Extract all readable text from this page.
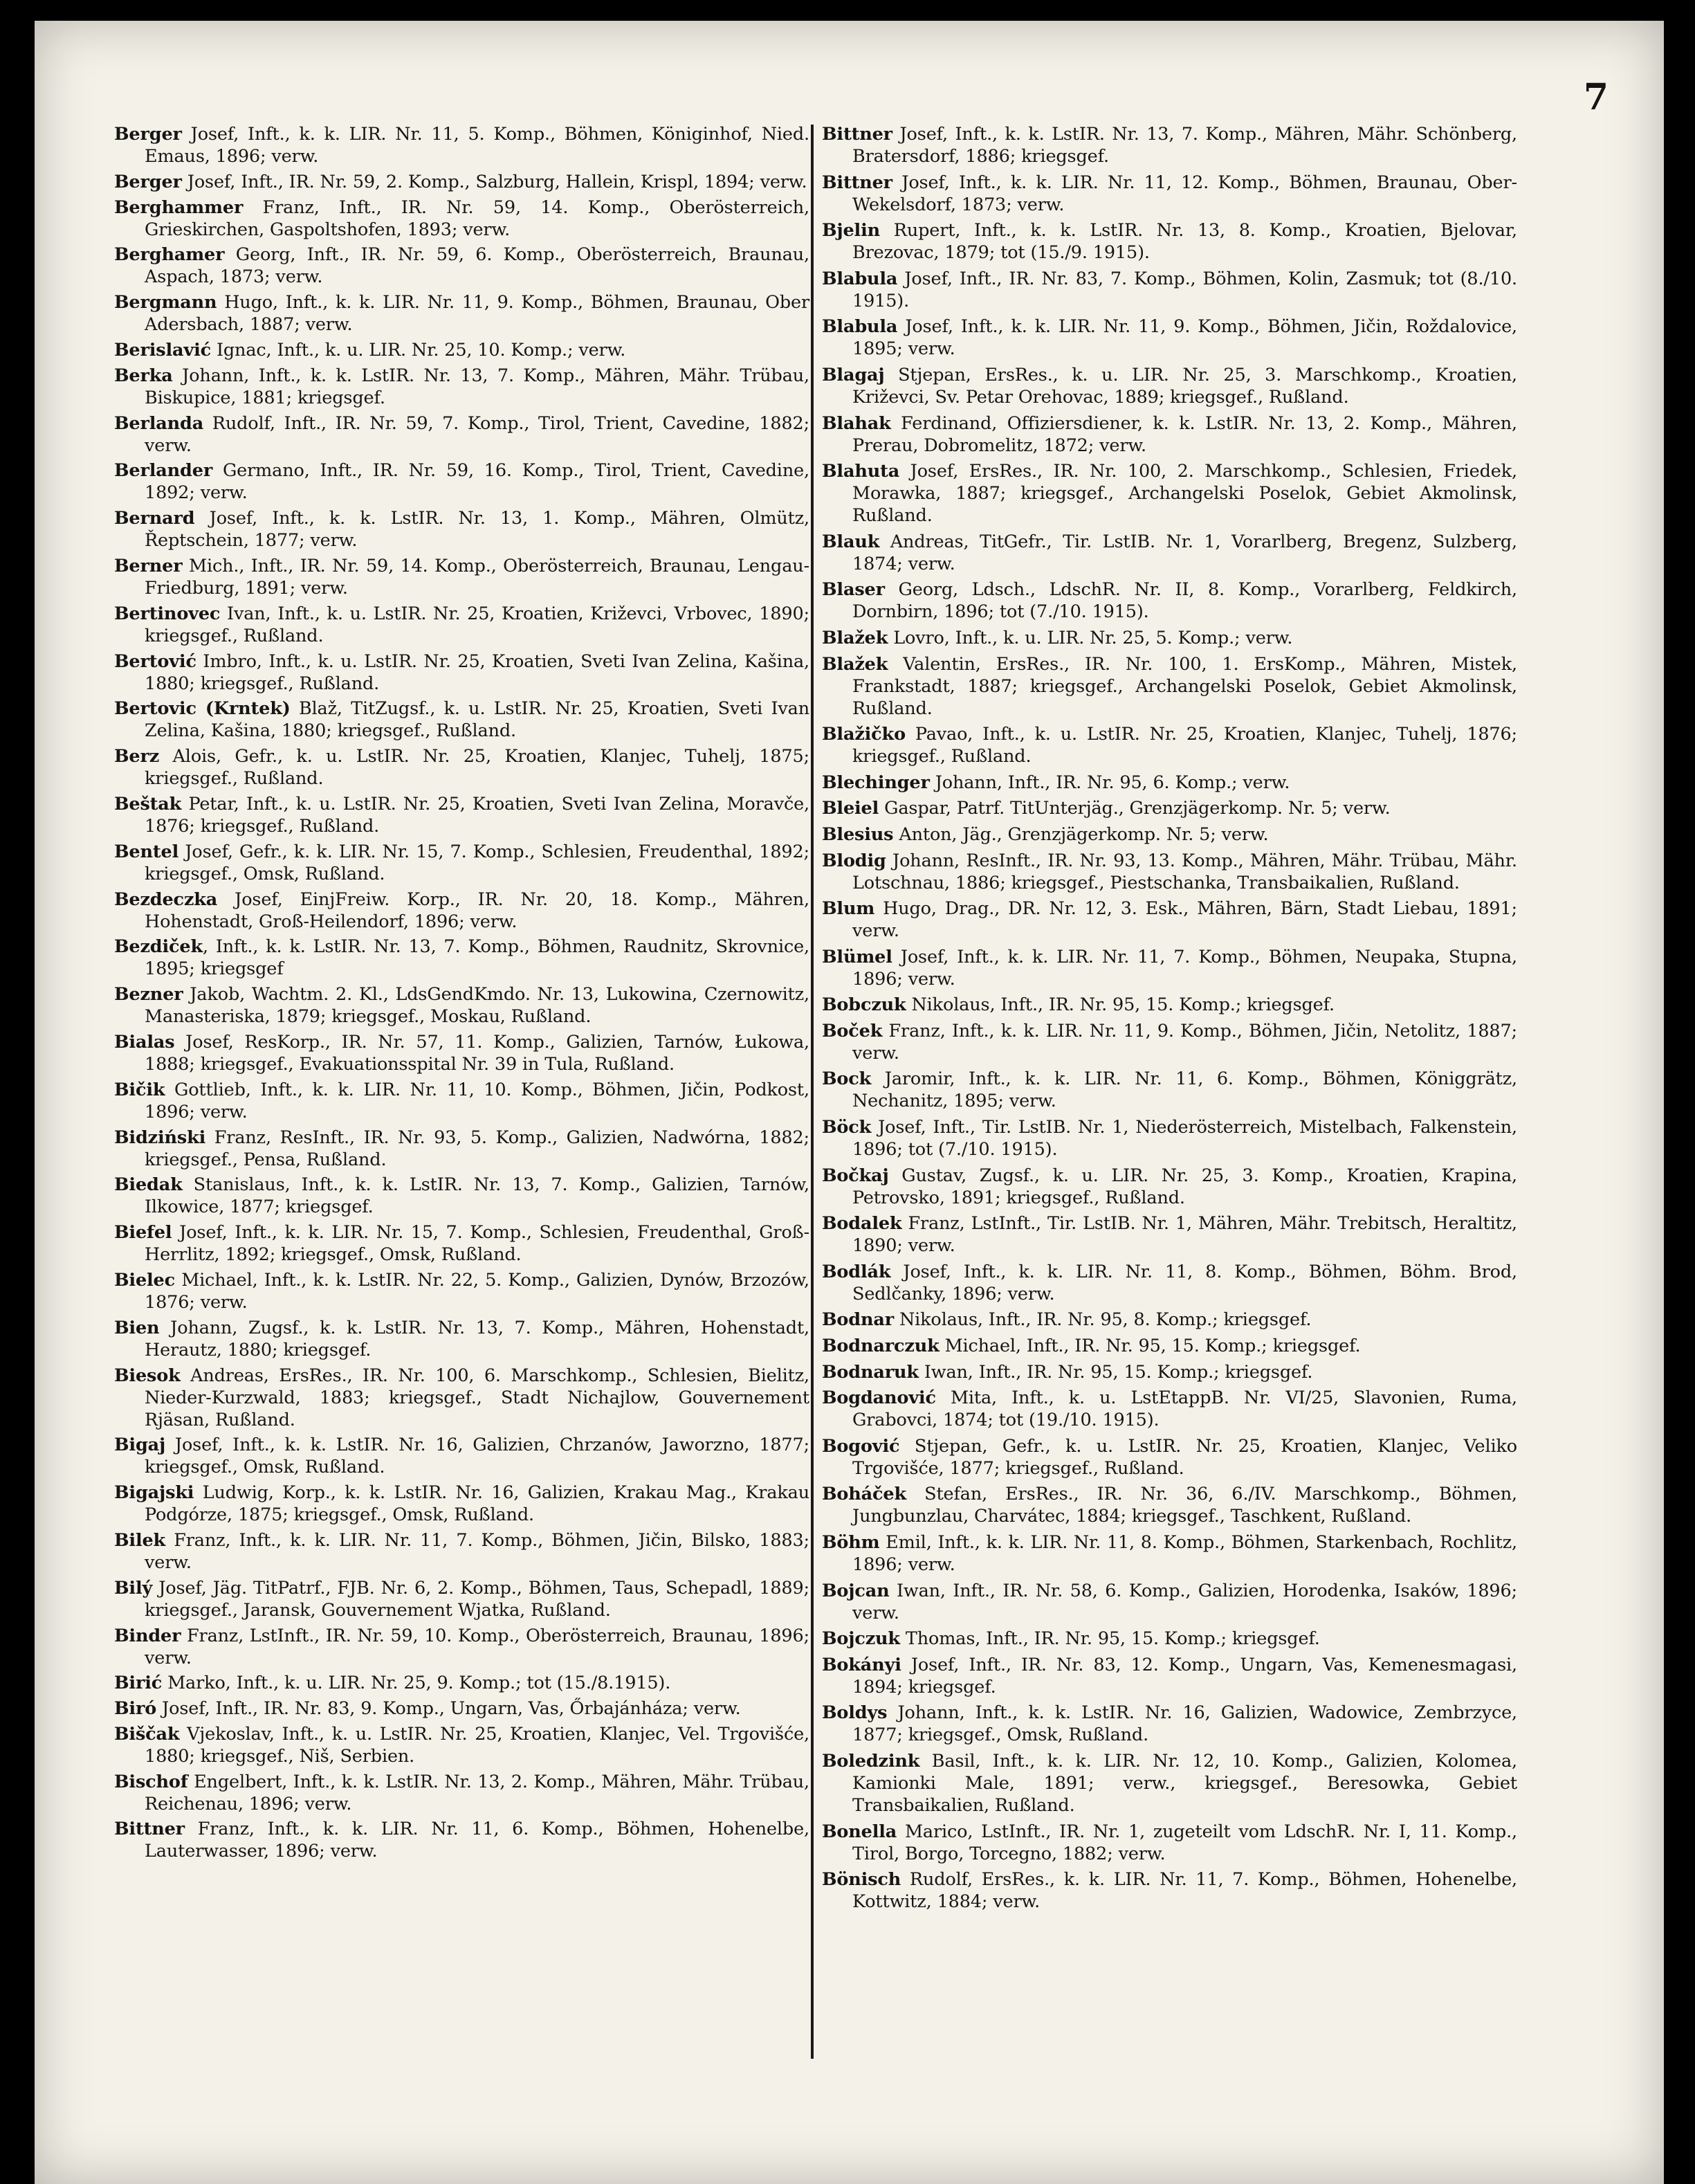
7

Berger Josef, Inft., k. k. LIR. Nr. 11, 5. Komp., Böhmen, Königinhof, Nied. Emaus, 1896; verw.

Berger Josef, Inft., IR. Nr. 59, 2. Komp., Salzburg, Hallein, Krispl, 1894; verw.

Berghammer Franz, Inft., IR. Nr. 59, 14. Komp., Oberösterreich, Grieskirchen, Gaspoltshofen, 1893; verw.

Berghamer Georg, Inft., IR. Nr. 59, 6. Komp., Oberösterreich, Braunau, Aspach, 1873; verw.

Bergmann Hugo, Inft., k. k. LIR. Nr. 11, 9. Komp., Böhmen, Braunau, Ober Adersbach, 1887; verw.

Berislavić Ignac, Inft., k. u. LIR. Nr. 25, 10. Komp.; verw.

Berka Johann, Inft., k. k. LstIR. Nr. 13, 7. Komp., Mähren, Mähr. Trübau, Biskupice, 1881; kriegsgef.

Berlanda Rudolf, Inft., IR. Nr. 59, 7. Komp., Tirol, Trient, Cavedine, 1882; verw.

Berlander Germano, Inft., IR. Nr. 59, 16. Komp., Tirol, Trient, Cavedine, 1892; verw.

Bernard Josef, Inft., k. k. LstIR. Nr. 13, 1. Komp., Mähren, Olmütz, Řeptschein, 1877; verw.

Berner Mich., Inft., IR. Nr. 59, 14. Komp., Oberösterreich, Braunau, Lengau-Friedburg, 1891; verw.

Bertinovec Ivan, Inft., k. u. LstIR. Nr. 25, Kroatien, Križevci, Vrbovec, 1890; kriegsgef., Rußland.

Bertović Imbro, Inft., k. u. LstIR. Nr. 25, Kroatien, Sveti Ivan Zelina, Kašina, 1880; kriegsgef., Rußland.

Bertovic (Krntek) Blaž, TitZugsf., k. u. LstIR. Nr. 25, Kroatien, Sveti Ivan Zelina, Kašina, 1880; kriegsgef., Rußland.

Berz Alois, Gefr., k. u. LstIR. Nr. 25, Kroatien, Klanjec, Tuhelj, 1875; kriegsgef., Rußland.

Beštak Petar, Inft., k. u. LstIR. Nr. 25, Kroatien, Sveti Ivan Zelina, Moravče, 1876; kriegsgef., Rußland.

Bentel Josef, Gefr., k. k. LIR. Nr. 15, 7. Komp., Schlesien, Freudenthal, 1892; kriegsgef., Omsk, Rußland.

Bezdeczka Josef, EinjFreiw. Korp., IR. Nr. 20, 18. Komp., Mähren, Hohenstadt, Groß-Heilendorf, 1896; verw.

Bezdiček, Inft., k. k. LstIR. Nr. 13, 7. Komp., Böhmen, Raudnitz, Skrovnice, 1895; kriegsgef

Bezner Jakob, Wachtm. 2. Kl., LdsGendKmdo. Nr. 13, Lukowina, Czernowitz, Manasteriska, 1879; kriegsgef., Moskau, Rußland.

Bialas Josef, ResKorp., IR. Nr. 57, 11. Komp., Galizien, Tarnów, Łukowa, 1888; kriegsgef., Evakuationsspital Nr. 39 in Tula, Rußland.

Bičik Gottlieb, Inft., k. k. LIR. Nr. 11, 10. Komp., Böhmen, Jičin, Podkost, 1896; verw.

Bidziński Franz, ResInft., IR. Nr. 93, 5. Komp., Galizien, Nadwórna, 1882; kriegsgef., Pensa, Rußland.

Biedak Stanislaus, Inft., k. k. LstIR. Nr. 13, 7. Komp., Galizien, Tarnów, Ilkowice, 1877; kriegsgef.

Biefel Josef, Inft., k. k. LIR. Nr. 15, 7. Komp., Schlesien, Freudenthal, Groß-Herrlitz, 1892; kriegsgef., Omsk, Rußland.

Bielec Michael, Inft., k. k. LstIR. Nr. 22, 5. Komp., Galizien, Dynów, Brzozów, 1876; verw.

Bien Johann, Zugsf., k. k. LstIR. Nr. 13, 7. Komp., Mähren, Hohenstadt, Herautz, 1880; kriegsgef.

Biesok Andreas, ErsRes., IR. Nr. 100, 6. Marschkomp., Schlesien, Bielitz, Nieder-Kurzwald, 1883; kriegsgef., Stadt Nichajlow, Gouvernement Rjäsan, Rußland.

Bigaj Josef, Inft., k. k. LstIR. Nr. 16, Galizien, Chrzanów, Jaworzno, 1877; kriegsgef., Omsk, Rußland.

Bigajski Ludwig, Korp., k. k. LstIR. Nr. 16, Galizien, Krakau Mag., Krakau Podgórze, 1875; kriegsgef., Omsk, Rußland.

Bilek Franz, Inft., k. k. LIR. Nr. 11, 7. Komp., Böhmen, Jičin, Bilsko, 1883; verw.

Bilý Josef, Jäg. TitPatrf., FJB. Nr. 6, 2. Komp., Böhmen, Taus, Schepadl, 1889; kriegsgef., Jaransk, Gouvernement Wjatka, Rußland.

Binder Franz, LstInft., IR. Nr. 59, 10. Komp., Oberösterreich, Braunau, 1896; verw.

Birić Marko, Inft., k. u. LIR. Nr. 25, 9. Komp.; tot (15./8.1915).

Biró Josef, Inft., IR. Nr. 83, 9. Komp., Ungarn, Vas, Őrbajánháza; verw.

Biščak Vjekoslav, Inft., k. u. LstIR. Nr. 25, Kroatien, Klanjec, Vel. Trgovišće, 1880; kriegsgef., Niš, Serbien.

Bischof Engelbert, Inft., k. k. LstIR. Nr. 13, 2. Komp., Mähren, Mähr. Trübau, Reichenau, 1896; verw.

Bittner Franz, Inft., k. k. LIR. Nr. 11, 6. Komp., Böhmen, Hohenelbe, Lauterwasser, 1896; verw.

Bittner Josef, Inft., k. k. LstIR. Nr. 13, 7. Komp., Mähren, Mähr. Schönberg, Bratersdorf, 1886; kriegsgef.

Bittner Josef, Inft., k. k. LIR. Nr. 11, 12. Komp., Böhmen, Braunau, Ober-Wekelsdorf, 1873; verw.

Bjelin Rupert, Inft., k. k. LstIR. Nr. 13, 8. Komp., Kroatien, Bjelovar, Brezovac, 1879; tot (15./9. 1915).

Blabula Josef, Inft., IR. Nr. 83, 7. Komp., Böhmen, Kolin, Zasmuk; tot (8./10. 1915).

Blabula Josef, Inft., k. k. LIR. Nr. 11, 9. Komp., Böhmen, Jičin, Roždalovice, 1895; verw.

Blagaj Stjepan, ErsRes., k. u. LIR. Nr. 25, 3. Marschkomp., Kroatien, Križevci, Sv. Petar Orehovac, 1889; kriegsgef., Rußland.

Blahak Ferdinand, Offiziersdiener, k. k. LstIR. Nr. 13, 2. Komp., Mähren, Prerau, Dobromelitz, 1872; verw.

Blahuta Josef, ErsRes., IR. Nr. 100, 2. Marschkomp., Schlesien, Friedek, Morawka, 1887; kriegsgef., Archangelski Poselok, Gebiet Akmolinsk, Rußland.

Blauk Andreas, TitGefr., Tir. LstIB. Nr. 1, Vorarlberg, Bregenz, Sulzberg, 1874; verw.

Blaser Georg, Ldsch., LdschR. Nr. II, 8. Komp., Vorarlberg, Feldkirch, Dornbirn, 1896; tot (7./10. 1915).

Blažek Lovro, Inft., k. u. LIR. Nr. 25, 5. Komp.; verw.

Blažek Valentin, ErsRes., IR. Nr. 100, 1. ErsKomp., Mähren, Mistek, Frankstadt, 1887; kriegsgef., Archangelski Poselok, Gebiet Akmolinsk, Rußland.

Blažičko Pavao, Inft., k. u. LstIR. Nr. 25, Kroatien, Klanjec, Tuhelj, 1876; kriegsgef., Rußland.

Blechinger Johann, Inft., IR. Nr. 95, 6. Komp.; verw.

Bleiel Gaspar, Patrf. TitUnterjäg., Grenzjägerkomp. Nr. 5; verw.

Blesius Anton, Jäg., Grenzjägerkomp. Nr. 5; verw.

Blodig Johann, ResInft., IR. Nr. 93, 13. Komp., Mähren, Mähr. Trübau, Mähr. Lotschnau, 1886; kriegsgef., Piestschanka, Transbaikalien, Rußland.

Blum Hugo, Drag., DR. Nr. 12, 3. Esk., Mähren, Bärn, Stadt Liebau, 1891; verw.

Blümel Josef, Inft., k. k. LIR. Nr. 11, 7. Komp., Böhmen, Neupaka, Stupna, 1896; verw.

Bobczuk Nikolaus, Inft., IR. Nr. 95, 15. Komp.; kriegsgef.

Boček Franz, Inft., k. k. LIR. Nr. 11, 9. Komp., Böhmen, Jičin, Netolitz, 1887; verw.

Bock Jaromir, Inft., k. k. LIR. Nr. 11, 6. Komp., Böhmen, Königgrätz, Nechanitz, 1895; verw.

Böck Josef, Inft., Tir. LstIB. Nr. 1, Niederösterreich, Mistelbach, Falkenstein, 1896; tot (7./10. 1915).

Bočkaj Gustav, Zugsf., k. u. LIR. Nr. 25, 3. Komp., Kroatien, Krapina, Petrovsko, 1891; kriegsgef., Rußland.

Bodalek Franz, LstInft., Tir. LstIB. Nr. 1, Mähren, Mähr. Trebitsch, Heraltitz, 1890; verw.

Bodlák Josef, Inft., k. k. LIR. Nr. 11, 8. Komp., Böhmen, Böhm. Brod, Sedlčanky, 1896; verw.

Bodnar Nikolaus, Inft., IR. Nr. 95, 8. Komp.; kriegsgef.

Bodnarczuk Michael, Inft., IR. Nr. 95, 15. Komp.; kriegsgef.

Bodnaruk Iwan, Inft., IR. Nr. 95, 15. Komp.; kriegsgef.

Bogdanović Mita, Inft., k. u. LstEtappB. Nr. VI/25, Slavonien, Ruma, Grabovci, 1874; tot (19./10. 1915).

Bogović Stjepan, Gefr., k. u. LstIR. Nr. 25, Kroatien, Klanjec, Veliko Trgovišće, 1877; kriegsgef., Rußland.

Boháček Stefan, ErsRes., IR. Nr. 36, 6./IV. Marschkomp., Böhmen, Jungbunzlau, Charvátec, 1884; kriegsgef., Taschkent, Rußland.

Böhm Emil, Inft., k. k. LIR. Nr. 11, 8. Komp., Böhmen, Starkenbach, Rochlitz, 1896; verw.

Bojcan Iwan, Inft., IR. Nr. 58, 6. Komp., Galizien, Horodenka, Isaków, 1896; verw.

Bojczuk Thomas, Inft., IR. Nr. 95, 15. Komp.; kriegsgef.

Bokányi Josef, Inft., IR. Nr. 83, 12. Komp., Ungarn, Vas, Kemenesmagasi, 1894; kriegsgef.

Boldys Johann, Inft., k. k. LstIR. Nr. 16, Galizien, Wadowice, Zembrzyce, 1877; kriegsgef., Omsk, Rußland.

Boledzink Basil, Inft., k. k. LIR. Nr. 12, 10. Komp., Galizien, Kolomea, Kamionki Male, 1891; verw., kriegsgef., Beresowka, Gebiet Transbaikalien, Rußland.

Bonella Marico, LstInft., IR. Nr. 1, zugeteilt vom LdschR. Nr. I, 11. Komp., Tirol, Borgo, Torcegno, 1882; verw.

Bönisch Rudolf, ErsRes., k. k. LIR. Nr. 11, 7. Komp., Böhmen, Hohenelbe, Kottwitz, 1884; verw.
